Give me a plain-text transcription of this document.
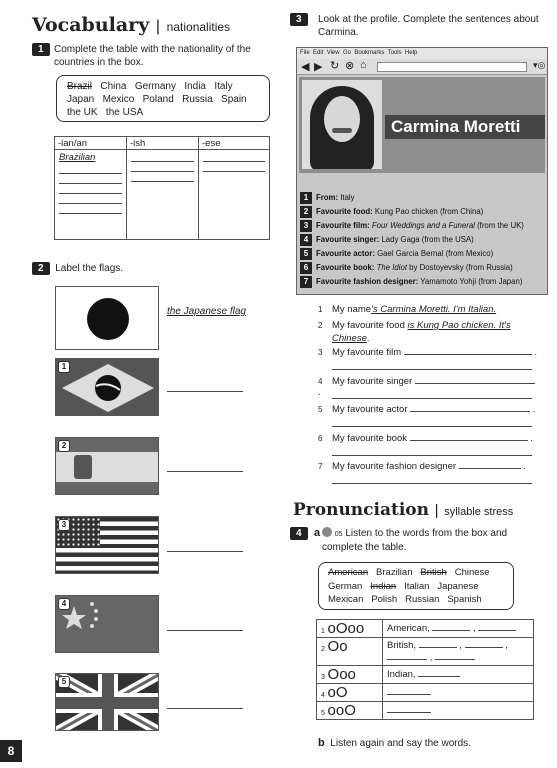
Vocabulary | nationalities
1	Complete the table with the nationality of the countries in the box.
Brazil China Germany India Italy
Japan Mexico Poland Russia Spain
the UK the USA
-ian/an	-ish	-ese

Brazilian		

2 Label the flags.
the Japanese flag
1
2
3
4
5
8
3	Look at the profile. Complete the sentences about Carmina.
File Edit View Go Bookmarks Tools Help
◀ ▶ ↻ ⊗ ⌂	▾◎
Carmina Moretti
1 From: Italy
2 Favourite food: Kung Pao chicken (from China)
3 Favourite film: Four Weddings and a Funeral (from the UK)
4 Favourite singer: Lady Gaga (from the USA)
5 Favourite actor: Gael Garcia Bernal (from Mexico)
6 Favourite book: The Idiot by Dostoyevsky (from Russia)
7 Favourite fashion designer: Yamamoto Yohji (from Japan)
1 My name's Carmina Moretti. I'm Italian.
2 My favourite food is Kung Pao chicken. It's
Chinese.
3 My favourite film	.
4 My favourite singer  .
5 My favourite actor	.
6 My favourite book	.
7 My favourite fashion designer	.
Pronunciation | syllable stress
4	a	05 Listen to the words from the box and complete the table.
American Brazilian British Chinese
German Indian Italian Japanese
Mexican Polish Russian Spanish
1 oOoo	American, ,
2 Oo	British, , ,
,
3 Ooo	Indian,
4 oO	
5 ooO	
b Listen again and say the words.
